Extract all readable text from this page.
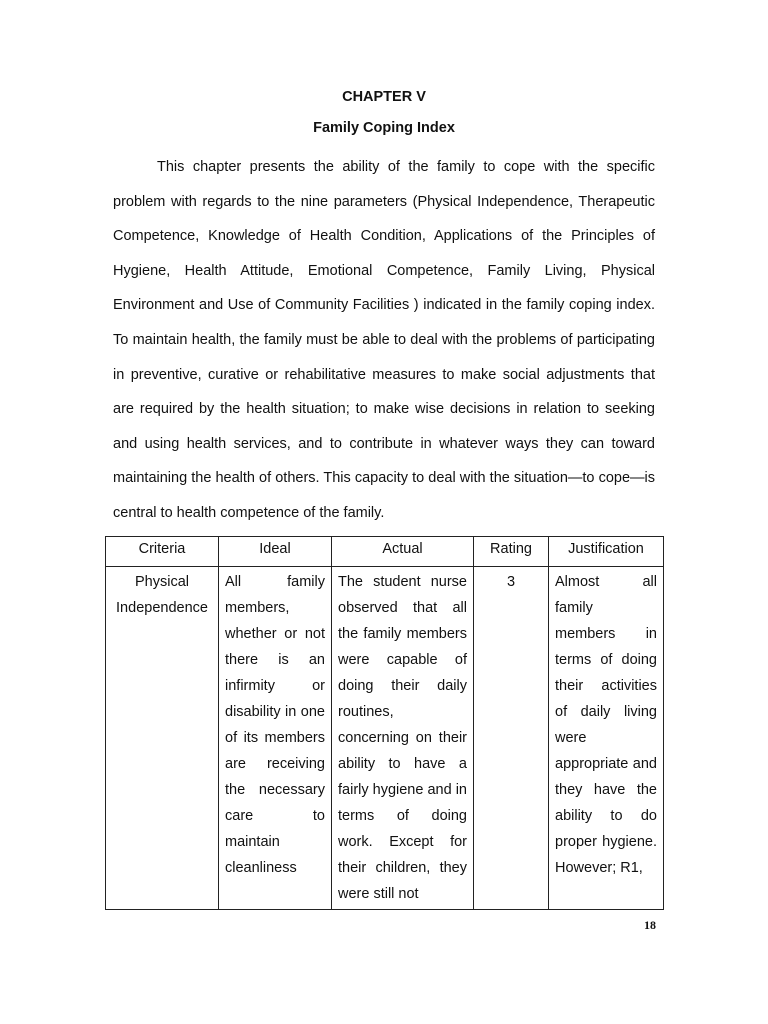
CHAPTER V
Family Coping Index

This chapter presents the ability of the family to cope with the specific problem with regards to the nine parameters (Physical Independence, Therapeutic Competence, Knowledge of Health Condition, Applications of the Principles of Hygiene, Health Attitude, Emotional Competence, Family Living, Physical Environment and Use of Community Facilities ) indicated in the family coping index. To maintain health, the family must be able to deal with the problems of participating in preventive, curative or rehabilitative measures to make social adjustments that are required by the health situation; to make wise decisions in relation to seeking and using health services, and to contribute in whatever ways they can toward maintaining the health of others. This capacity to deal with the situation—to cope—is central to health competence of the family.

Criteria	Ideal	Actual	Rating	Justification
Physical Independence	All family members, whether or not there is an infirmity or disability in one of its members are receiving the necessary care to maintain cleanliness	The student nurse observed that all the family members were capable of doing their daily routines, concerning on their ability to have a fairly hygiene and in terms of doing work. Except for their children, they were still not	3	Almost all family members in terms of doing their activities of daily living were appropriate and they have the ability to do proper hygiene. However; R1,
18
